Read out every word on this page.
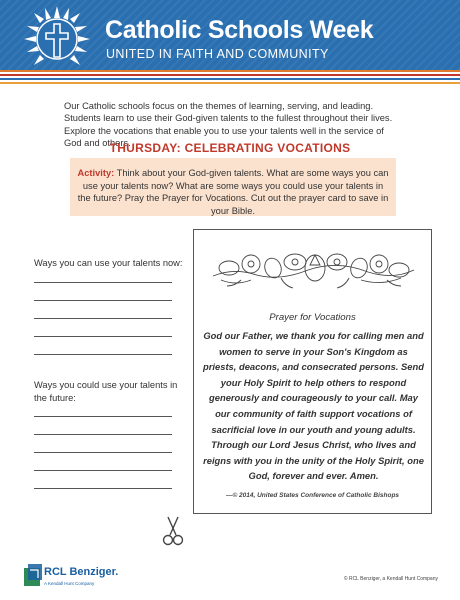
Catholic Schools Week
UNITED IN FAITH AND COMMUNITY
Our Catholic schools focus on the themes of learning, serving, and leading. Students learn to use their God-given talents to the fullest throughout their lives. Explore the vocations that enable you to use your talents well in the service of God and others.
THURSDAY: CELEBRATING VOCATIONS
Activity: Think about your God-given talents. What are some ways you can use your talents now? What are some ways you could use your talents in the future? Pray the Prayer for Vocations. Cut out the prayer card to save in your Bible.
Ways you can use your talents now:
Ways you could use your talents in the future:
Prayer for Vocations
God our Father, we thank you for calling men and women to serve in your Son's Kingdom as priests, deacons, and consecrated persons. Send your Holy Spirit to help others to respond generously and courageously to your call. May our community of faith support vocations of sacrificial love in our youth and young adults. Through our Lord Jesus Christ, who lives and reigns with you in the unity of the Holy Spirit, one God, forever and ever. Amen.
—© 2014, United States Conference of Catholic Bishops
RCL Benziger.
A Kendall Hunt Company
© RCL Benziger, a Kendall Hunt Company
